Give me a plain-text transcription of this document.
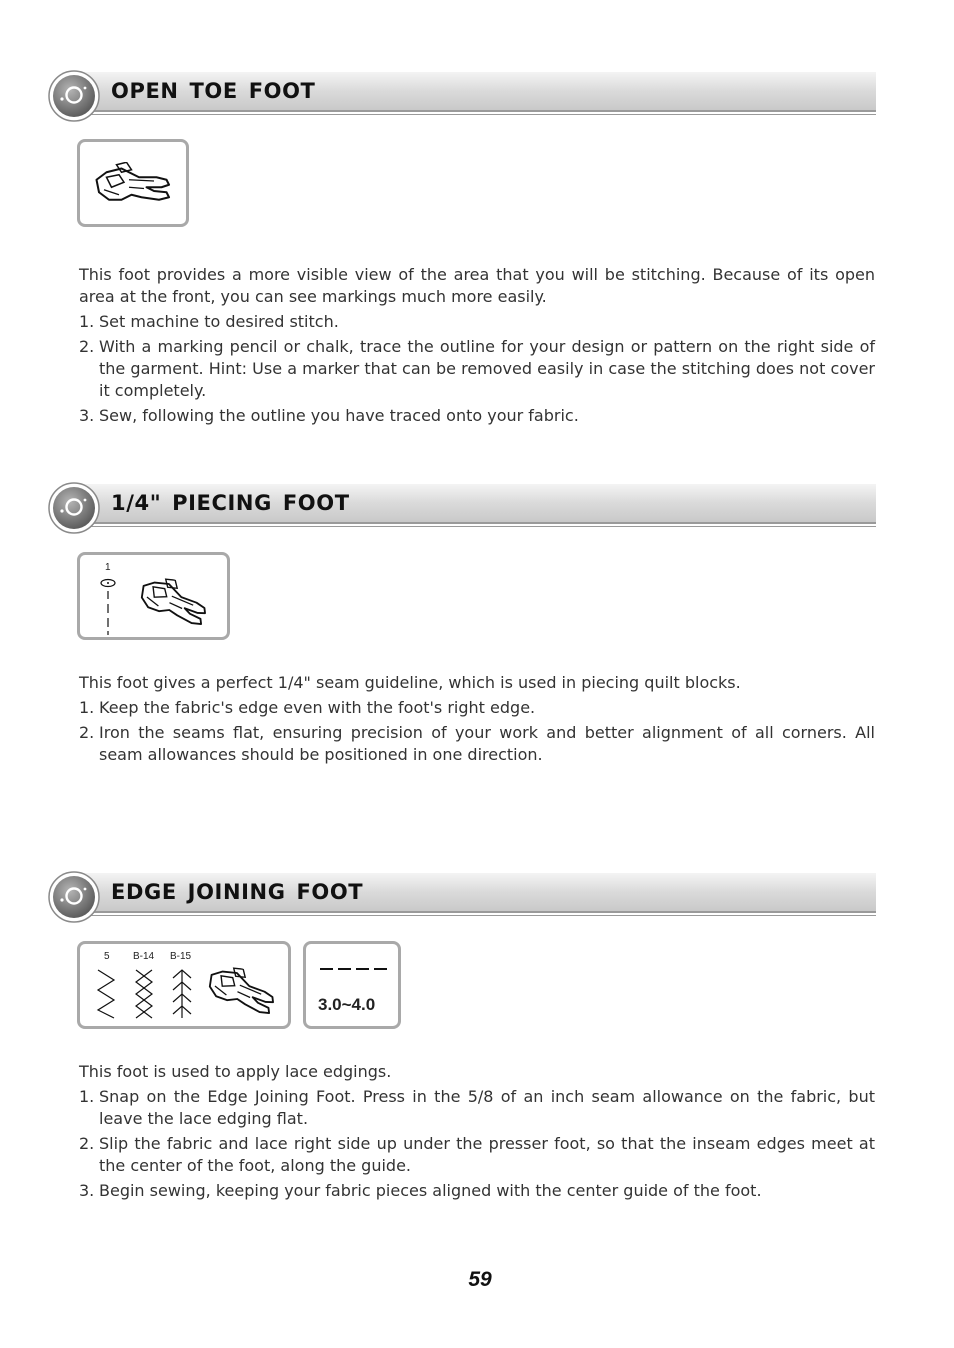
OPEN TOE FOOT

This foot provides a more visible view of the area that you will be stitching. Because of its open area at the front, you can see markings much more easily.

1. Set machine to desired stitch.
2. With a marking pencil or chalk, trace the outline for your design or pattern on the right side of the garment. Hint: Use a marker that can be removed easily in case the stitching does not cover it completely.
3. Sew, following the outline you have traced onto your fabric.
1/4" PIECING FOOT
1

This foot gives a perfect 1/4" seam guideline, which is used in piecing quilt blocks.

1. Keep the fabric's edge even with the foot's right edge.
2. Iron the seams flat, ensuring precision of your work and better alignment of all corners. All seam allowances should be positioned in one direction.
EDGE JOINING FOOT
5 B-14 B-15
3.0~4.0

This foot is used to apply lace edgings.

1. Snap on the Edge Joining Foot. Press in the 5/8 of an inch seam allowance on the fabric, but leave the lace edging flat.
2. Slip the fabric and lace right side up under the presser foot, so that the inseam edges meet at the center of the foot, along the guide.
3. Begin sewing, keeping your fabric pieces aligned with the center guide of the foot.
59
